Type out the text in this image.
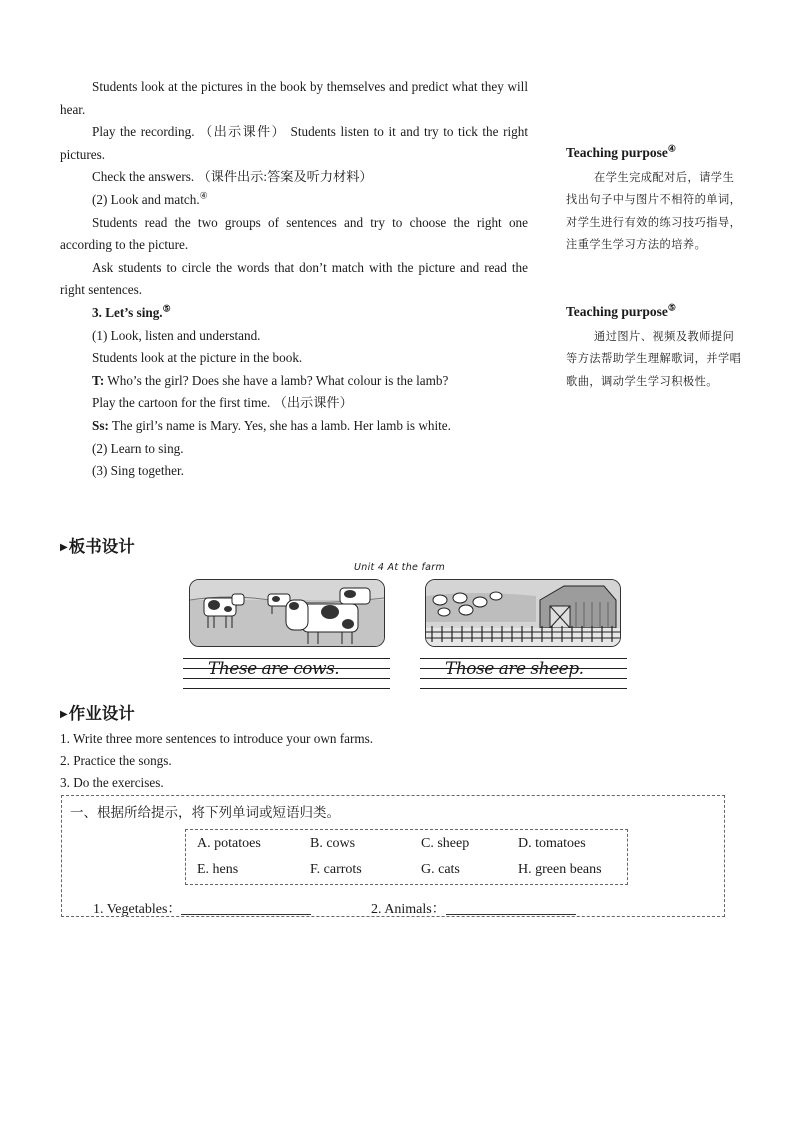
Students look at the pictures in the book by themselves and predict what they will hear.

Play the recording. （出示课件） Students listen to it and try to tick the right pictures.

Check the answers. （课件出示:答案及听力材料）

(2) Look and match.④

Students read the two groups of sentences and try to choose the right one according to the picture.

Ask students to circle the words that don’t match with the picture and read the right sentences.

3. Let’s sing.⑤

(1) Look, listen and understand.

Students look at the picture in the book.

T: Who’s the girl? Does she have a lamb? What colour is the lamb?

Play the cartoon for the first time. （出示课件）

Ss: The girl’s name is Mary. Yes, she has a lamb. Her lamb is white.

(2) Learn to sing.

(3) Sing together.

Teaching purpose④
在学生完成配对后，请学生找出句子中与图片不相符的单词，对学生进行有效的练习技巧指导，注重学生学习方法的培养。
Teaching purpose⑤
通过图片、视频及教师提问等方法帮助学生理解歌词，并学唱歌曲，调动学生学习积极性。
▶板书设计
Unit 4 At the farm
These are cows.	Those are sheep.
▶作业设计

1. Write three more sentences to introduce your own farms.

2. Practice the songs.

3. Do the exercises.

一、根据所给提示，将下列单词或短语归类。
A. potatoes	B. cows	C. sheep	D. tomatoes
E. hens	F. carrots	G. cats	H. green beans
1. Vegetables：	2. Animals：
